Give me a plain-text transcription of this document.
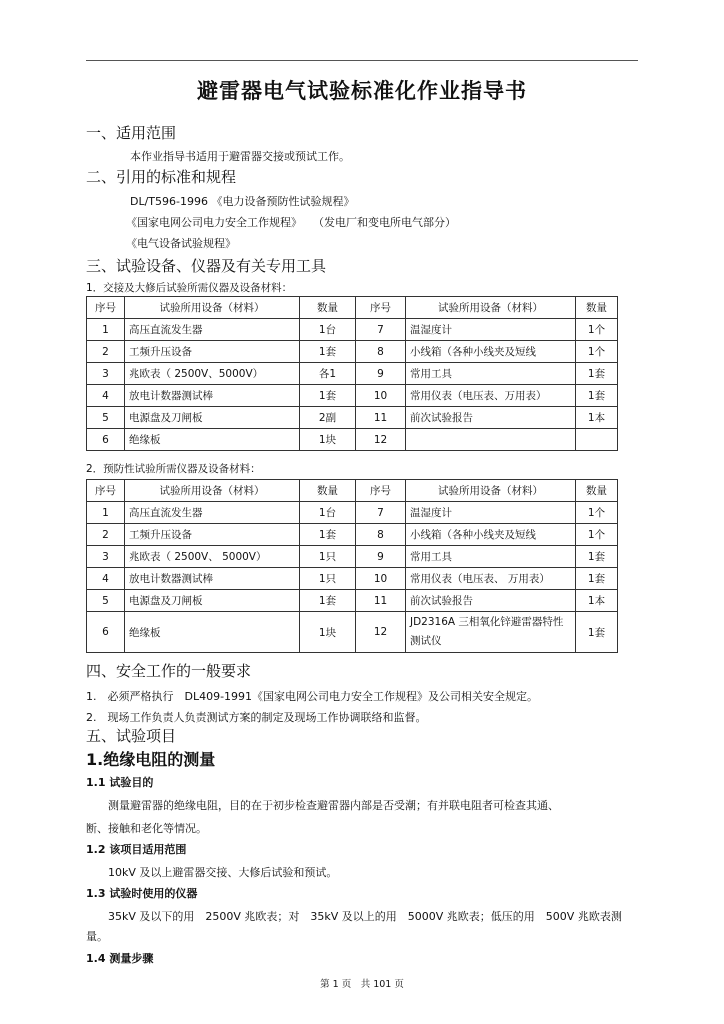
避雷器电气试验标准化作业指导书
一、适用范围
本作业指导书适用于避雷器交接或预试工作。
二、引用的标准和规程
DL/T596-1996 《电力设备预防性试验规程》
《国家电网公司电力安全工作规程》　　（发电厂和变电所电气部分）
《电气设备试验规程》
三、试验设备、仪器及有关专用工具
1．交接及大修后试验所需仪器及设备材料：
序号	试验所用设备（材料）	数量	序号	试验所用设备（材料）	数量
1	高压直流发生器	1台	7	温湿度计	1个
2	工频升压设备	1套	8	小线箱（各种小线夹及短线	1个
3	兆欧表（ 2500V、5000V）	各1	9	常用工具	1套
4	放电计数器测试棒	1套	10	常用仪表（电压表、万用表）	1套
5	电源盘及刀闸板	2副	11	前次试验报告	1本
6	绝缘板	1块	12		
2．预防性试验所需仪器及设备材料：
序号	试验所用设备（材料）	数量	序号	试验所用设备（材料）	数量
1	高压直流发生器	1台	7	温湿度计	1个
2	工频升压设备	1套	8	小线箱（各种小线夹及短线	1个
3	兆欧表（ 2500V、 5000V）	1只	9	常用工具	1套
4	放电计数器测试棒	1只	10	常用仪表（电压表、 万用表）	1套
5	电源盘及刀闸板	1套	11	前次试验报告	1本
6	绝缘板	1块	12	JD2316A 三相氧化锌避雷器特性测试仪	1套
四、安全工作的一般要求
1.　必须严格执行　DL409-1991《国家电网公司电力安全工作规程》及公司相关安全规定。
2.　现场工作负责人负责测试方案的制定及现场工作协调联络和监督。
五、试验项目
1.绝缘电阻的测量
1.1 试验目的
测量避雷器的绝缘电阻，目的在于初步检查避雷器内部是否受潮；有并联电阻者可检查其通、
断、接触和老化等情况。
1.2 该项目适用范围
10kV 及以上避雷器交接、大修后试验和预试。
1.3 试验时使用的仪器
35kV 及以下的用　2500V 兆欧表；对　35kV 及以上的用　5000V 兆欧表；低压的用　500V 兆欧表测
量。
1.4 测量步骤
第 1 页　共 101 页
